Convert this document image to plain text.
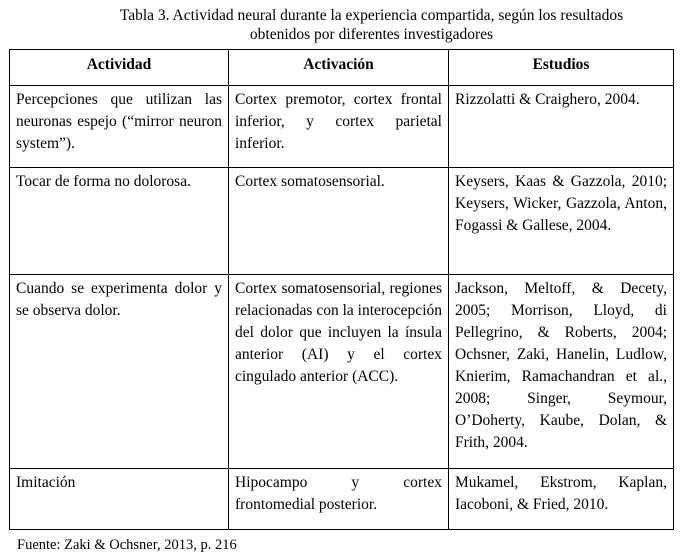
Tabla 3. Actividad neural durante la experiencia compartida, según los resultados
obtenidos por diferentes investigadores
Actividad	Activación	Estudios
Percepciones que utilizan las neuronas espejo (“mirror neuron system”).	Cortex premotor, cortex frontal inferior, y cortex parietal inferior.	Rizzolatti & Craighero, 2004.
Tocar de forma no dolorosa.	Cortex somatosensorial.	Keysers, Kaas & Gazzola, 2010; Keysers, Wicker, Gazzola, Anton, Fogassi & Gallese, 2004.
Cuando se experimenta dolor y se observa dolor.	Cortex somatosensorial, regiones relacionadas con la interocepción del dolor que incluyen la ínsula anterior (AI) y el cortex cingulado anterior (ACC).	Jackson, Meltoff, & Decety, 2005; Morrison, Lloyd, di Pellegrino, & Roberts, 2004; Ochsner, Zaki, Hanelin, Ludlow, Knierim, Ramachandran et al., 2008; Singer, Seymour, O’Doherty, Kaube, Dolan, & Frith, 2004.
Imitación	Hipocampo y cortex frontomedial posterior.	Mukamel, Ekstrom, Kaplan, Iacoboni, & Fried, 2010.
Fuente: Zaki & Ochsner, 2013, p. 216
